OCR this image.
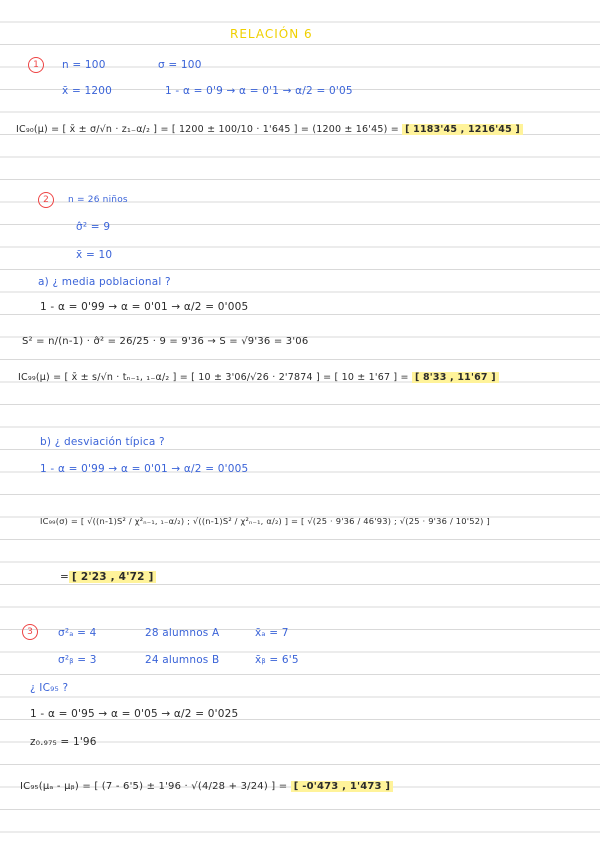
RELACIÓN 6
1	n = 100	σ = 100
x̄ = 1200	1 - α = 0'9 → α = 0'1 → α/2 = 0'05
IC₉₀(μ) = [ x̄ ± σ/√n · z₁₋α/₂ ] = [ 1200 ± 100/10 · 1'645 ] = (1200 ± 16'45) = [ 1183'45 , 1216'45 ]
2	n = 26 niños
σ̂² = 9
x̄ = 10
a) ¿ media poblacional ?
1 - α = 0'99 → α = 0'01 → α/2 = 0'005
S² = n/(n-1) · σ̂² = 26/25 · 9 = 9'36 → S = √9'36 = 3'06
IC₉₉(μ) = [ x̄ ± s/√n · tₙ₋₁, ₁₋α/₂ ] = [ 10 ± 3'06/√26 · 2'7874 ] = [ 10 ± 1'67 ] = [ 8'33 , 11'67 ]
b) ¿ desviación típica ?
1 - α = 0'99 → α = 0'01 → α/2 = 0'005
IC₉₉(σ) = [ √((n-1)S² / χ²ₙ₋₁, ₁₋α/₂) ; √((n-1)S² / χ²ₙ₋₁, α/₂) ] = [ √(25 · 9'36 / 46'93) ; √(25 · 9'36 / 10'52) ]
= [ 2'23 , 4'72 ]
3	σ²ₐ = 4	28 alumnos A	x̄ₐ = 7
σ²ᵦ = 3	24 alumnos B	x̄ᵦ = 6'5
¿ IC₉₅ ?
1 - α = 0'95 → α = 0'05 → α/2 = 0'025
z₀.₉₇₅ = 1'96
IC₉₅(μₐ - μᵦ) = [ (7 - 6'5) ± 1'96 · √(4/28 + 3/24) ] = [ -0'473 , 1'473 ]
